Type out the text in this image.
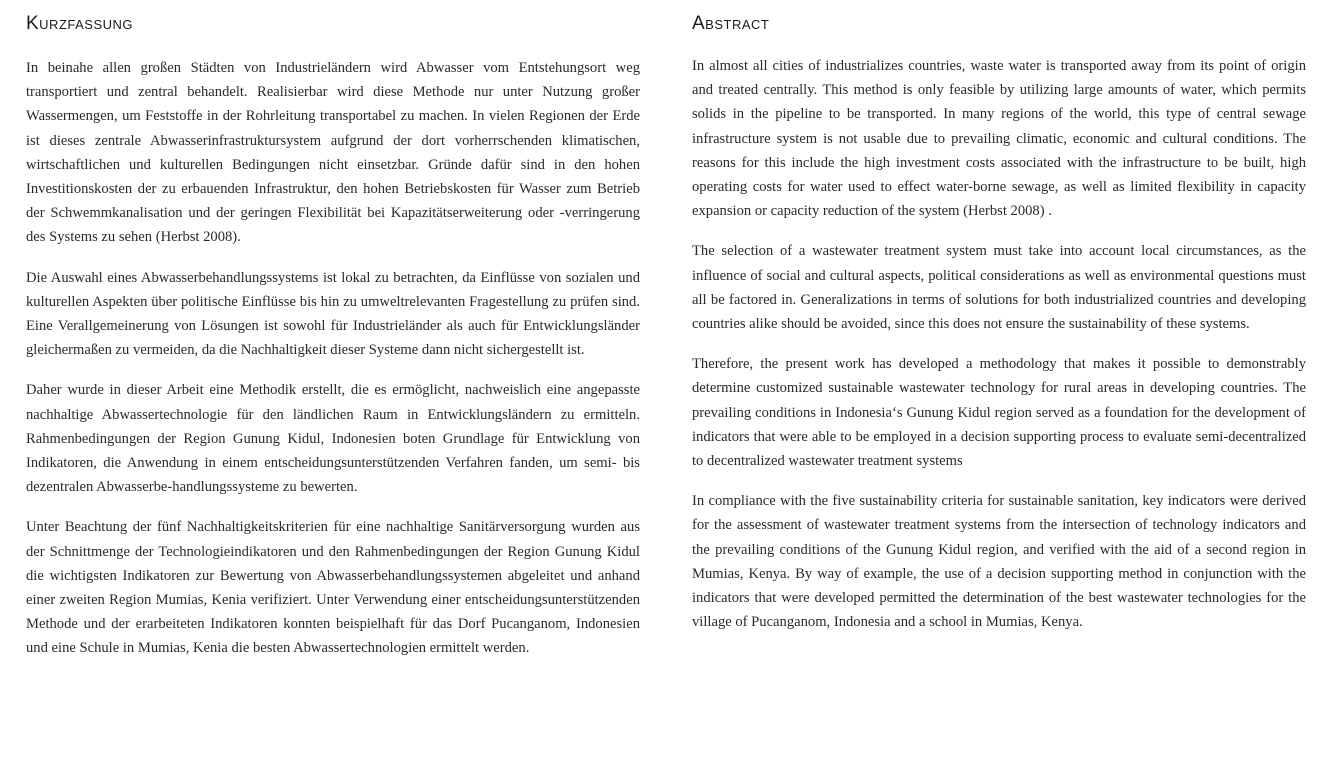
Kurzfassung

In beinahe allen großen Städten von Industrieländern wird Abwasser vom Entstehungsort weg transportiert und zentral behandelt. Realisierbar wird diese Methode nur unter Nutzung großer Wassermengen, um Feststoffe in der Rohrleitung transportabel zu machen. In vielen Regionen der Erde ist dieses zentrale Abwasserinfrastruktursystem aufgrund der dort vorherrschenden klimatischen, wirtschaftlichen und kulturellen Bedingungen nicht einsetzbar. Gründe dafür sind in den hohen Investitionskosten der zu erbauenden Infrastruktur, den hohen Betriebskosten für Wasser zum Betrieb der Schwemmkanalisation und der geringen Flexibilität bei Kapazitätserweiterung oder -verringerung des Systems zu sehen (Herbst 2008).

Die Auswahl eines Abwasserbehandlungssystems ist lokal zu betrachten, da Einflüsse von sozialen und kulturellen Aspekten über politische Einflüsse bis hin zu umweltrelevanten Fragestellung zu prüfen sind. Eine Verallgemeinerung von Lösungen ist sowohl für Industrieländer als auch für Entwicklungsländer gleichermaßen zu vermeiden, da die Nachhaltigkeit dieser Systeme dann nicht sichergestellt ist.

Daher wurde in dieser Arbeit eine Methodik erstellt, die es ermöglicht, nachweislich eine angepasste nachhaltige Abwassertechnologie für den ländlichen Raum in Entwicklungsländern zu ermitteln. Rahmenbedingungen der Region Gunung Kidul, Indonesien boten Grundlage für Entwicklung von Indikatoren, die Anwendung in einem entscheidungsunterstützenden Verfahren fanden, um semi- bis dezentralen Abwasserbe-handlungssysteme zu bewerten.

Unter Beachtung der fünf Nachhaltigkeitskriterien für eine nachhaltige Sanitärversorgung wurden aus der Schnittmenge der Technologieindikatoren und den Rahmenbedingungen der Region Gunung Kidul die wichtigsten Indikatoren zur Bewertung von Abwasserbehandlungssystemen abgeleitet und anhand einer zweiten Region Mumias, Kenia verifiziert. Unter Verwendung einer entscheidungsunterstützenden Methode und der erarbeiteten Indikatoren konnten beispielhaft für das Dorf Pucanganom, Indonesien und eine Schule in Mumias, Kenia die besten Abwassertechnologien ermittelt werden.

Abstract

In almost all cities of industrializes countries, waste water is transported away from its point of origin and treated centrally. This method is only feasible by utilizing large amounts of water, which permits solids in the pipeline to be transported. In many regions of the world, this type of central sewage infrastructure system is not usable due to prevailing climatic, economic and cultural conditions. The reasons for this include the high investment costs associated with the infrastructure to be built, high operating costs for water used to effect water-borne sewage, as well as limited flexibility in capacity expansion or capacity reduction of the system (Herbst 2008) .

The selection of a wastewater treatment system must take into account local circumstances, as the influence of social and cultural aspects, political considerations as well as environmental questions must all be factored in. Generalizations in terms of solutions for both industrialized countries and developing countries alike should be avoided, since this does not ensure the sustainability of these systems.

Therefore, the present work has developed a methodology that makes it possible to demonstrably determine customized sustainable wastewater technology for rural areas in developing countries. The prevailing conditions in Indonesia‘s Gunung Kidul region served as a foundation for the development of indicators that were able to be employed in a decision supporting process to evaluate semi-decentralized to decentralized wastewater treatment systems

In compliance with the five sustainability criteria for sustainable sanitation, key indicators were derived for the assessment of wastewater treatment systems from the intersection of technology indicators and the prevailing conditions of the Gunung Kidul region, and verified with the aid of a second region in Mumias, Kenya. By way of example, the use of a decision supporting method in conjunction with the indicators that were developed permitted the determination of the best wastewater technologies for the village of Pucanganom, Indonesia and a school in Mumias, Kenya.
